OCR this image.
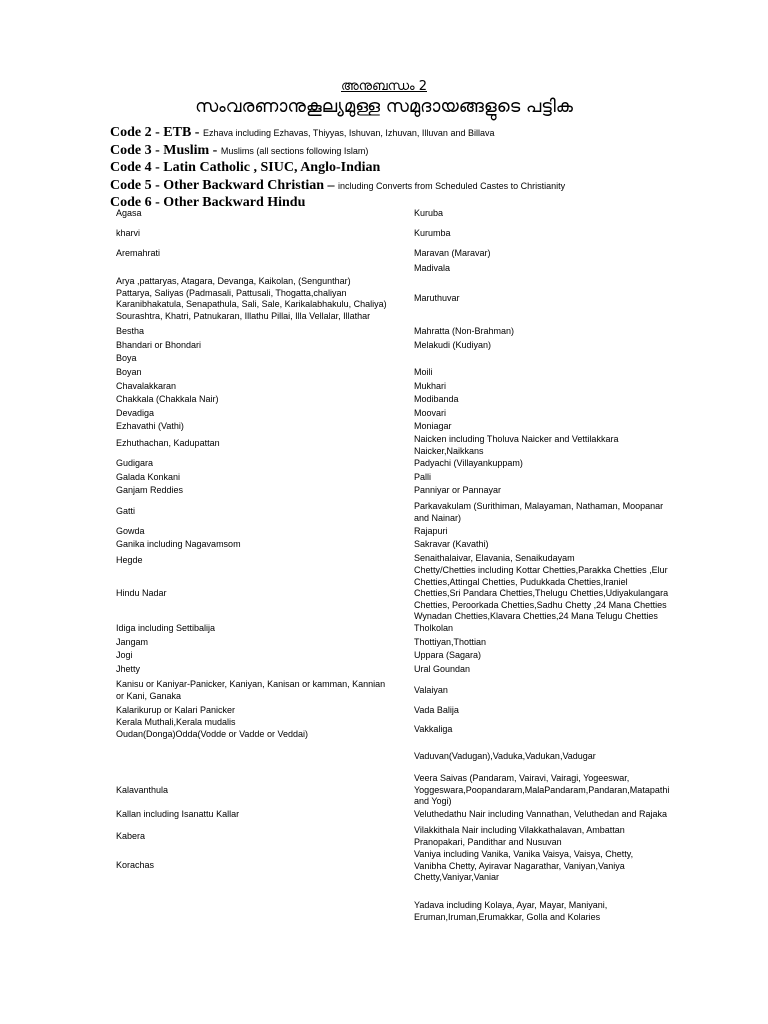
അനുബന്ധം 2
സംവരണാനുകൂല്യമുള്ള സമുദായങ്ങളുടെ പട്ടിക
Code 2 - ETB - Ezhava including Ezhavas, Thiyyas, Ishuvan, Izhuvan, Illuvan and Billava
Code 3 - Muslim - Muslims (all sections following Islam)
Code 4 - Latin Catholic , SIUC, Anglo-Indian
Code 5 - Other Backward Christian – including Converts from Scheduled Castes to Christianity
Code 6 - Other Backward Hindu
Agasa
kharvi
Aremahrati
Arya ,pattaryas, Atagara, Devanga, Kaikolan, (Sengunthar)
Pattarya, Saliyas (Padmasali, Pattusali, Thogatta,chaliyan
Karanibhakatula, Senapathula, Sali, Sale, Karikalabhakulu, Chaliya)
Sourashtra, Khatri, Patnukaran, Illathu Pillai, Illa Vellalar, Illathar
Bestha
Bhandari or Bhondari
Boya
Boyan
Chavalakkaran
Chakkala (Chakkala Nair)
Devadiga
Ezhavathi (Vathi)
Ezhuthachan, Kadupattan
Gudigara
Galada Konkani
Ganjam Reddies
Gatti
Gowda
Ganika including Nagavamsom
Hegde
Hindu Nadar
Idiga including Settibalija
Jangam
Jogi
Jhetty
Kanisu or Kaniyar-Panicker, Kaniyan, Kanisan or kamman, Kannian
or Kani, Ganaka
Kalarikurup or Kalari Panicker
Kerala Muthali,Kerala mudalis
Oudan(Donga)Odda(Vodde or Vadde or Veddai)
Kalavanthula
Kallan including Isanattu Kallar
Kabera
Korachas
Kuruba
Kurumba
Maravan (Maravar)
Madivala
Maruthuvar
Mahratta (Non-Brahman)
Melakudi (Kudiyan)
Moili
Mukhari
Modibanda
Moovari
Moniagar
Naicken including Tholuva Naicker and Vettilakkara
Naicker,Naikkans
Padyachi (Villayankuppam)
Palli
Panniyar or Pannayar
Parkavakulam (Surithiman, Malayaman, Nathaman, Moopanar
and Nainar)
Rajapuri
Sakravar (Kavathi)
Senaithalaivar, Elavania, Senaikudayam
Chetty/Chetties including Kottar Chetties,Parakka Chetties ,Elur
Chetties,Attingal Chetties, Pudukkada Chetties,Iraniel
Chetties,Sri Pandara Chetties,Thelugu Chetties,Udiyakulangara
Chetties, Peroorkada Chetties,Sadhu Chetty ,24 Mana Chetties
Wynadan Chetties,Klavara Chetties,24 Mana Telugu Chetties
Tholkolan
Thottiyan,Thottian
Uppara (Sagara)
Ural Goundan
Valaiyan
Vada Balija
Vakkaliga
Vaduvan(Vadugan),Vaduka,Vadukan,Vadugar
Veera Saivas (Pandaram, Vairavi, Vairagi, Yogeeswar,
Yoggeswara,Poopandaram,MalaPandaram,Pandaran,Matapathi
and Yogi)
Veluthedathu Nair including Vannathan, Veluthedan and Rajaka
Vilakkithala Nair including Vilakkathalavan, Ambattan
Pranopakari, Pandithar and Nusuvan
Vaniya including Vanika, Vanika Vaisya, Vaisya, Chetty,
Vanibha Chetty, Ayiravar Nagarathar, Vaniyan,Vaniya
Chetty,Vaniyar,Vaniar
Yadava including Kolaya, Ayar, Mayar, Maniyani,
Eruman,Iruman,Erumakkar, Golla and Kolaries
